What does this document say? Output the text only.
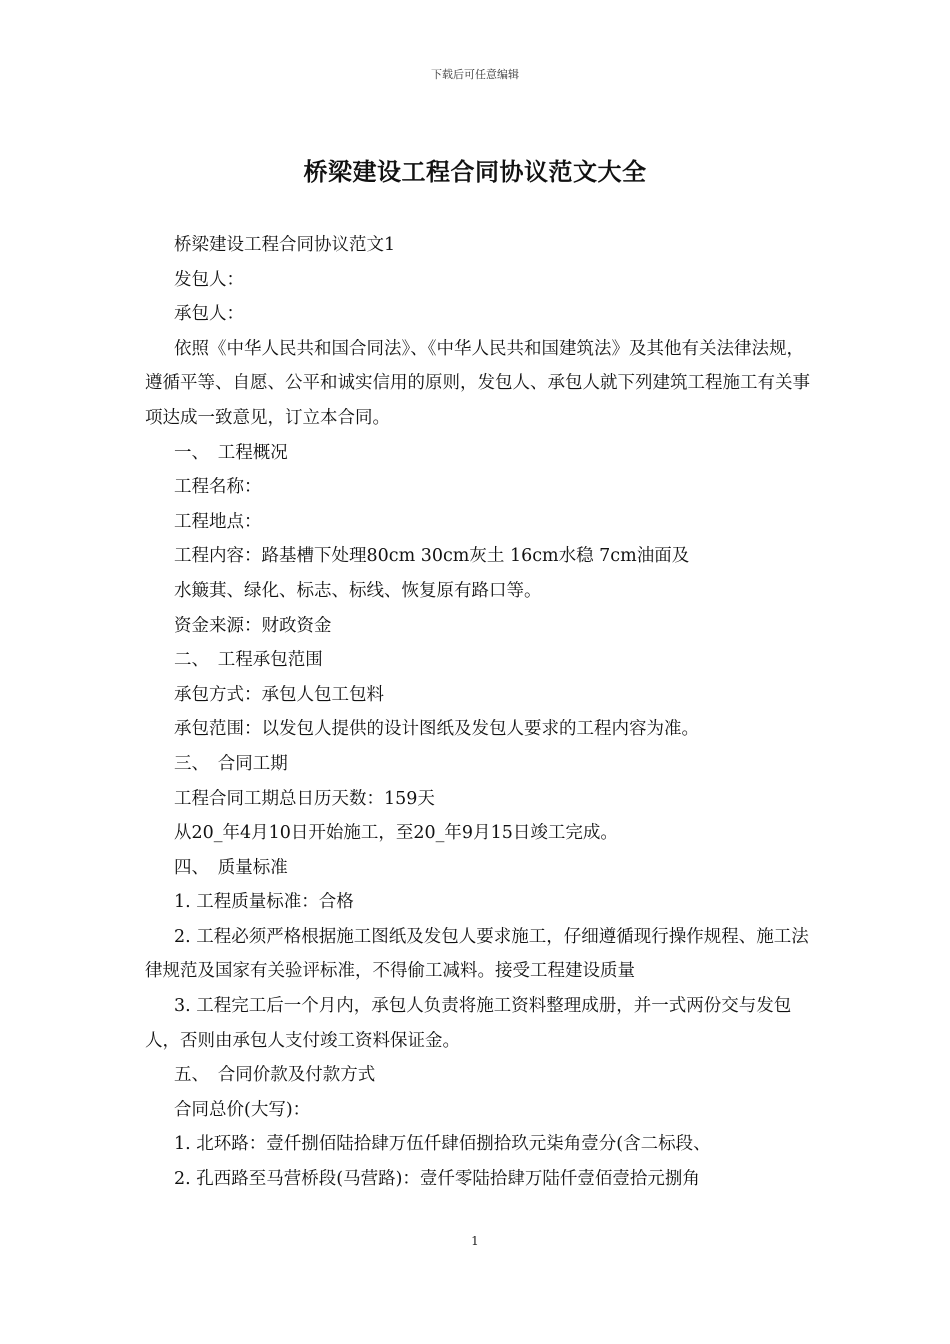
下载后可任意编辑
桥梁建设工程合同协议范文大全

桥梁建设工程合同协议范文1

发包人：

承包人：

依照《中华人民共和国合同法》、《中华人民共和国建筑法》及其他有关法律法规，遵循平等、自愿、公平和诚实信用的原则，发包人、承包人就下列建筑工程施工有关事项达成一致意见，订立本合同。

一、　工程概况

工程名称：

工程地点：

工程内容：路基槽下处理80cm 30cm灰土 16cm水稳 7cm油面及

水簸萁、绿化、标志、标线、恢复原有路口等。

资金来源：财政资金

二、　工程承包范围

承包方式：承包人包工包料

承包范围：以发包人提供的设计图纸及发包人要求的工程内容为准。

三、　合同工期

工程合同工期总日历天数：159天

从20_年4月10日开始施工，至20_年9月15日竣工完成。

四、　质量标准

1. 工程质量标准：合格

2. 工程必须严格根据施工图纸及发包人要求施工，仔细遵循现行操作规程、施工法律规范及国家有关验评标准，不得偷工减料。接受工程建设质量

3. 工程完工后一个月内，承包人负责将施工资料整理成册，并一式两份交与发包人，否则由承包人支付竣工资料保证金。

五、　合同价款及付款方式

合同总价(大写)：

1. 北环路：壹仟捌佰陆拾肆万伍仟肆佰捌拾玖元柒角壹分(含二标段、

2. 孔西路至马营桥段(马营路)：壹仟零陆拾肆万陆仟壹佰壹拾元捌角

1
